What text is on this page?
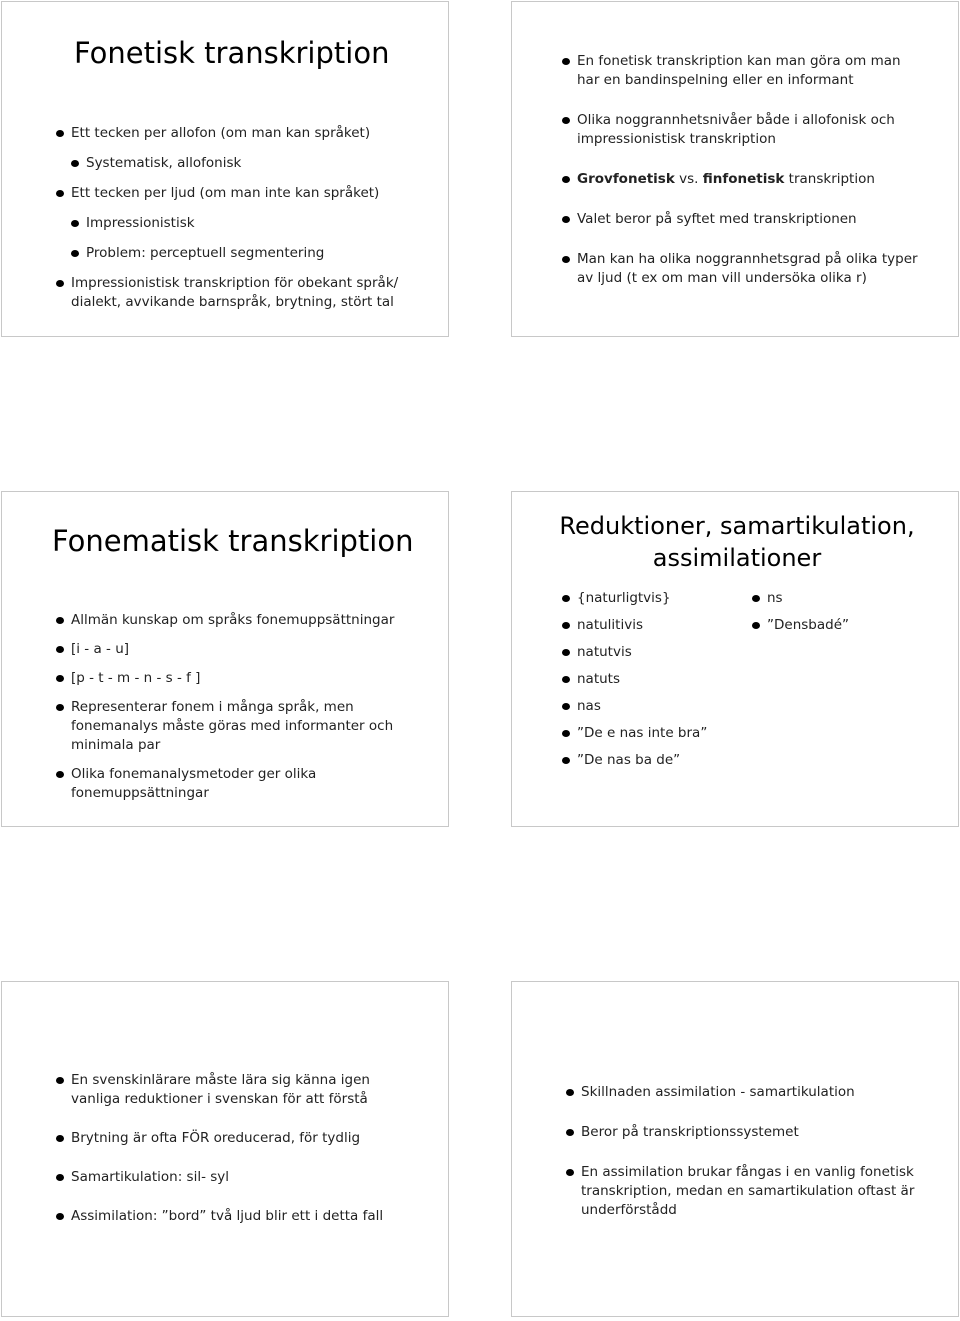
Fonetisk transkription
Ett tecken per allofon (om man kan språket)
Systematisk, allofonisk
Ett tecken per ljud (om man inte kan språket)
Impressionistisk
Problem: perceptuell segmentering
Impressionistisk transkription för obekant språk/ dialekt, avvikande barnspråk, brytning, stört tal
En fonetisk transkription kan man göra om man har en bandinspelning eller en informant
Olika noggrannhetsnivåer både i allofonisk och impressionistisk transkription
Grovfonetisk vs. finfonetisk transkription
Valet beror på syftet med transkriptionen
Man kan ha olika noggrannhetsgrad på olika typer av ljud (t ex om man vill undersöka olika r)
Fonematisk transkription
Allmän kunskap om språks fonemuppsättningar
[i - a - u]
[p - t - m - n - s - f ]
Representerar fonem i många språk, men fonemanalys måste göras med informanter och minimala par
Olika fonemanalysmetoder ger olika fonemuppsättningar
Reduktioner, samartikulation, assimilationer
{naturligtvis}
natulitivis
natutvis
natuts
nas
”De e nas inte bra”
”De nas ba de”
ns
”Densbadé”
En svenskinlärare måste lära sig känna igen vanliga reduktioner i svenskan för att förstå
Brytning är ofta FÖR oreducerad, för tydlig
Samartikulation: sil- syl
Assimilation: ”bord” två ljud blir ett i detta fall
Skillnaden assimilation - samartikulation
Beror på transkriptionssystemet
En assimilation brukar fångas i en vanlig fonetisk transkription, medan en samartikulation oftast är underförstådd
